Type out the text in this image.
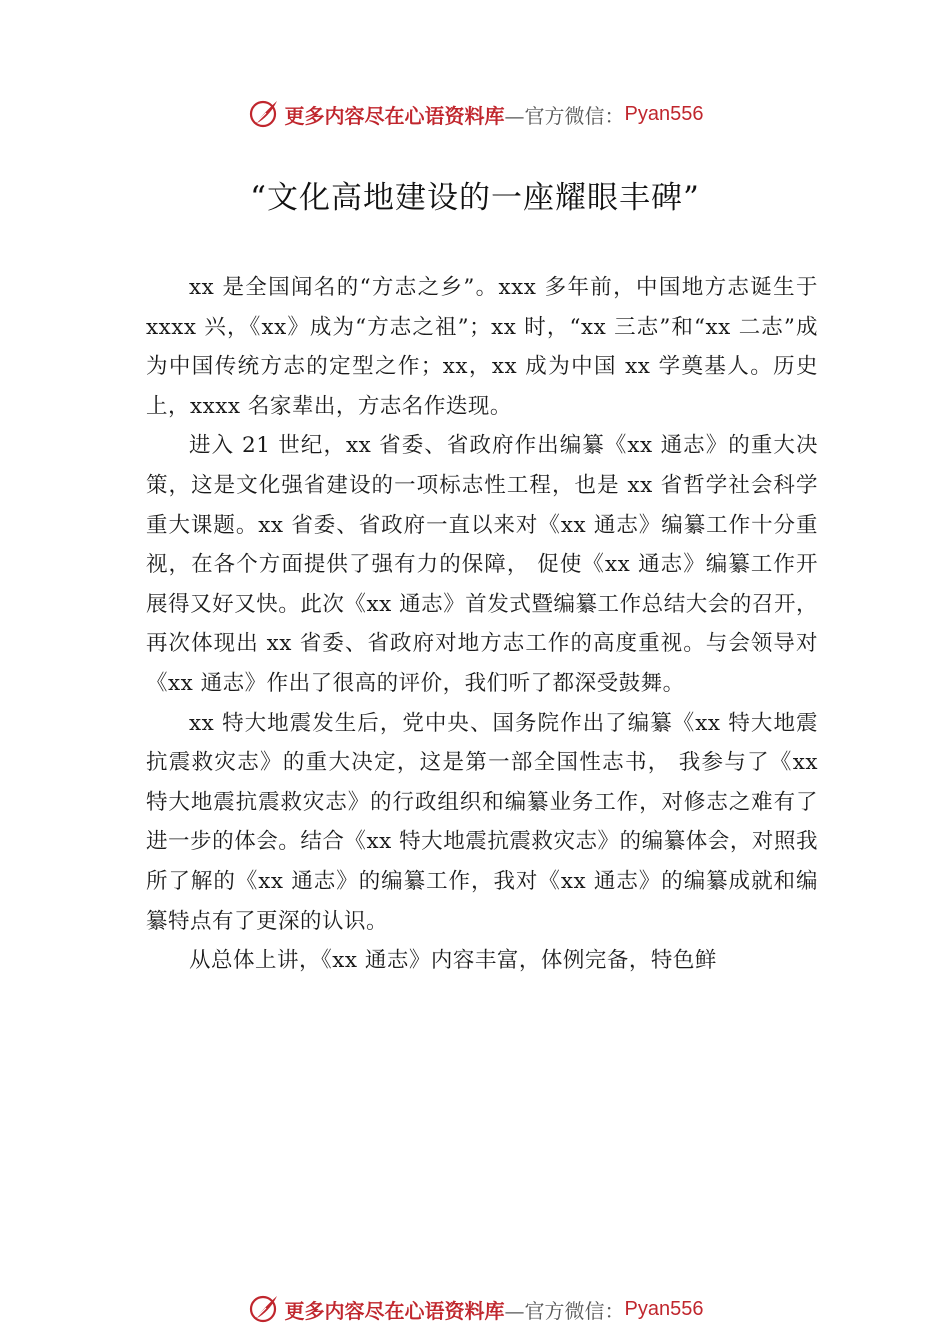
更多内容尽在心语资料库 —官方微信： Pyan556
“文化高地建设的一座耀眼丰碑”

xx 是全国闻名的“方志之乡”。xxx 多年前，中国地方志诞生于 xxxx 兴，《xx》成为“方志之祖”；xx 时，“xx 三志”和“xx 二志”成为中国传统方志的定型之作；xx，xx 成为中国 xx 学奠基人。历史上，xxxx 名家辈出，方志名作迭现。

进入 21 世纪，xx 省委、省政府作出编纂《xx 通志》的重大决策，这是文化强省建设的一项标志性工程，也是 xx 省哲学社会科学重大课题。xx 省委、省政府一直以来对《xx 通志》编纂工作十分重视，在各个方面提供了强有力的保障， 促使《xx 通志》编纂工作开展得又好又快。此次《xx 通志》首发式暨编纂工作总结大会的召开，再次体现出 xx 省委、省政府对地方志工作的高度重视。与会领导对《xx 通志》作出了很高的评价，我们听了都深受鼓舞。

xx 特大地震发生后，党中央、国务院作出了编纂《xx 特大地震抗震救灾志》的重大决定，这是第一部全国性志书， 我参与了《xx 特大地震抗震救灾志》的行政组织和编纂业务工作，对修志之难有了进一步的体会。结合《xx 特大地震抗震救灾志》的编纂体会，对照我所了解的《xx 通志》的编纂工作，我对《xx 通志》的编纂成就和编纂特点有了更深的认识。

从总体上讲，《xx 通志》内容丰富，体例完备，特色鲜

更多内容尽在心语资料库 —官方微信： Pyan556
